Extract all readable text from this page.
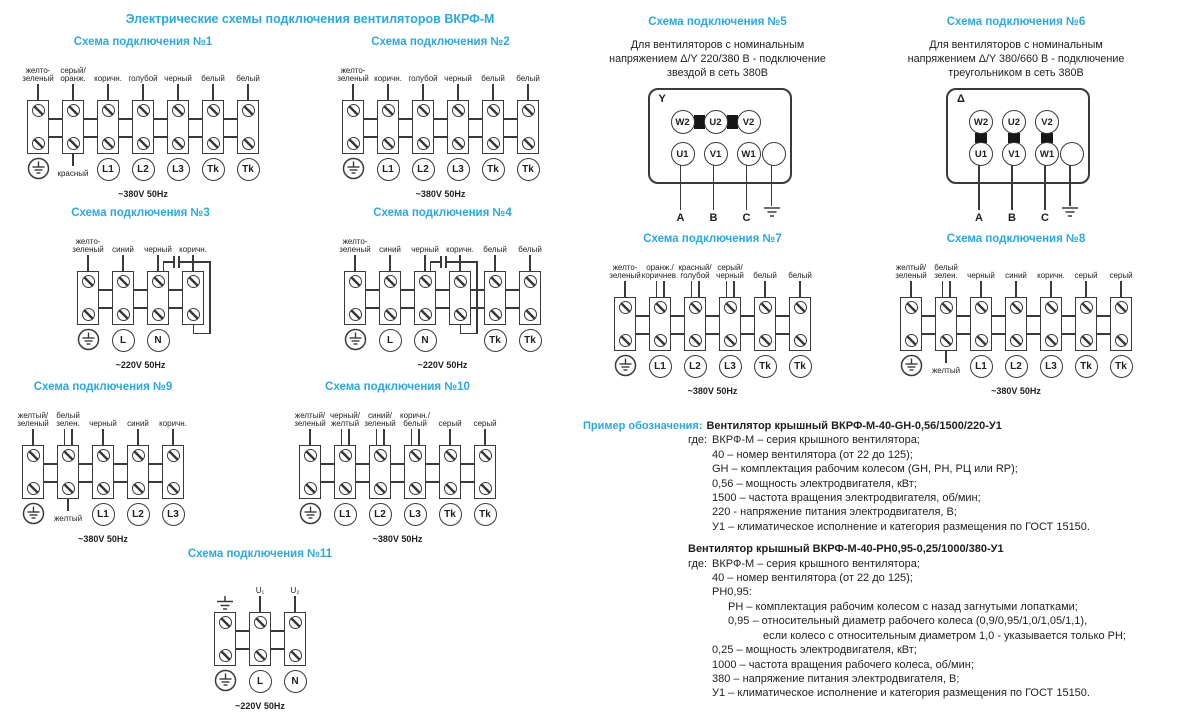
Электрические схемы подключения вентиляторов ВКРФ-М
Схема подключения №1
желто-
зеленый
серый/
оранж.
красный
коричн.
L1
голубой
L2
черный
L3
белый
Tk
белый
Tk
~380V 50Hz
Схема подключения №2
желто-
зеленый коричн.
L1
голубой
L2
черный
L3
белый
Tk
белый
Tk
~380V 50Hz
Схема подключения №3
желто-
зеленый синий
L
черный
N
коричн.
~220V 50Hz
Схема подключения №4
желто-
зеленый синий
L
черный
N
коричн. белый
Tk
белый
Tk
~220V 50Hz
Схема подключения №7
желто-
зеленый
оранж./
коричнев.
L1
красный/
голубой
L2
серый/
черный
L3
белый
Tk
белый
Tk
~380V 50Hz
Схема подключения №8
желтый/
зеленый
белый
зелен.
желтый
черный
L1
синий
L2
коричн.
L3
серый
Tk
серый
Tk
~380V 50Hz
Схема подключения №9
желтый/
зеленый
белый
зелен.
желтый
черный
L1
синий
L2
коричн.
L3
~380V 50Hz
Схема подключения №10
желтый/
зеленый
черный/
желтый
L1
синий/
зеленый
L2
коричн./
белый
L3
серый
Tk
серый
Tk
~380V 50Hz
Схема подключения №11
U₁
L
U₂
N
~220V 50Hz
Схема подключения №5
Для вентиляторов с номинальным
напряжением Δ/Y 220/380 В - подключение
звездой в сеть 380В
Y
W2	U2	V2
U1	V1	W1
A B C
Схема подключения №6
Для вентиляторов с номинальным
напряжением Δ/Y 380/660 В - подключение
треугольником в сеть 380В
Δ
W2	U2	V2
U1	V1	W1
A B C
Пример обозначения: Вентилятор крышный ВКРФ-М-40-GH-0,56/1500/220-У1
где: ВКРФ-М – серия крышного вентилятора;
40 – номер вентилятора (от 22 до 125);
GH – комплектация рабочим колесом (GH, PH, РЦ или RP);
0,56 – мощность электродвигателя, кВт;
1500 – частота вращения электродвигателя, об/мин;
220 - напряжение питания электродвигателя, В;
У1 – климатическое исполнение и категория размещения по ГОСТ 15150.
Вентилятор крышный ВКРФ-М-40-РН0,95-0,25/1000/380-У1
где: ВКРФ-М – серия крышного вентилятора;
40 – номер вентилятора (от 22 до 125);
РН0,95:
РН – комплектация рабочим колесом с назад загнутыми лопатками;
0,95 – относительный диаметр рабочего колеса (0,9/0,95/1,0/1,05/1,1),
если колесо с относительным диаметром 1,0 - указывается только РН;
0,25 – мощность электродвигателя, кВт;
1000 – частота вращения рабочего колеса, об/мин;
380 – напряжение питания электродвигателя, В;
У1 – климатическое исполнение и категория размещения по ГОСТ 15150.
